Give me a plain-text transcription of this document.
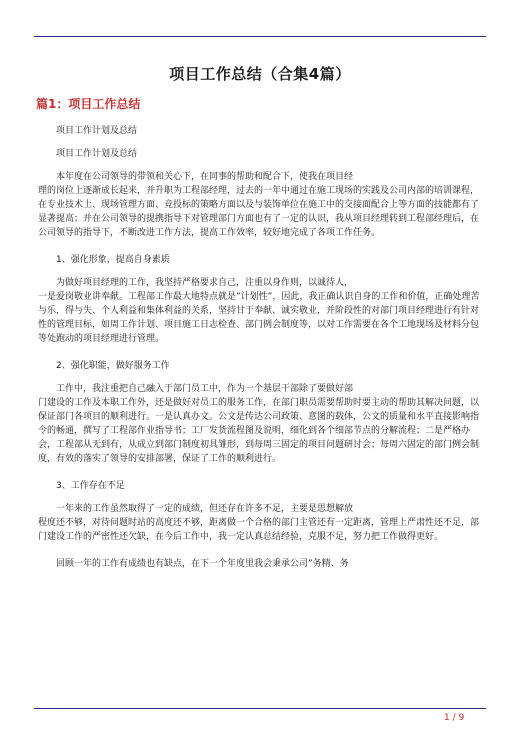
项目工作总结（合集4篇）
篇1：项目工作总结

项目工作计划及总结

项目工作计划及总结

本年度在公司领导的带领和关心下，在同事的帮助和配合下，使我在项目经

理的岗位上逐渐成长起来，并升职为工程部经理，过去的一年中通过在施工现场的实践及公司内部的培训课程，在专业技术上、现场管理方面、竞投标的策略方面以及与装饰单位在施工中的交接面配合上等方面的技能都有了显著提高；并在公司领导的提携指导下对管理部门方面也有了一定的认识，我从项目经理转到工程部经理后，在公司领导的指导下，不断改进工作方法，提高工作效率，较好地完成了各项工作任务。

1、强化形象，提高自身素质

为做好项目经理的工作，我坚持严格要求自己，注重以身作则，以诚待人，

一是爱岗敬业讲奉献。工程部工作最大地特点就是”计划性”，因此，我正确认识自身的工作和价值，正确处理苦与乐，得与失、个人利益和集体利益的关系，坚持甘于奉献、诚实敬业，并阶段性的对部门项目经理进行有针对性的管理目标，如周工作计划、项目施工日志检查、部门例会制度等，以对工作需要在各个工地现场及材料分包等处跑动的项目经理进行管理。

2、强化职能，做好服务工作

工作中，我注重把自己融入于部门员工中，作为一个基层干部除了要做好部

门建设的工作及本职工作外，还是做好对员工的服务工作，在部门职员需要帮助时要主动的帮助其解决问题，以保证部门各项目的顺利进行。一是认真办文。公文是传达公司政策、意图的载体，公文的质量和水平直接影响指令的畅通，撰写了工程部作业指导书；工厂发货流程图及说明，细化到各个细部节点的分解流程；二是严格办会，工程部从无到有，从成立到部门制度初具雏形，到每周三固定的项目问题研讨会；每周六固定的部门例会制度，有效的落实了领导的安排部署，保证了工作的顺利进行。

3、工作存在不足

一年来的工作虽然取得了一定的成绩，但还存在许多不足，主要是思想解放

程度还不够，对待问题时站的高度还不够，距离做一个合格的部门主管还有一定距离，管理上严肃性还不足，部门建设工作的严密性还欠缺，在今后工作中，我一定认真总结经验，克服不足，努力把工作做得更好。

回顾一年的工作有成绩也有缺点，在下一个年度里我会秉承公司”务精、务

1 / 9
